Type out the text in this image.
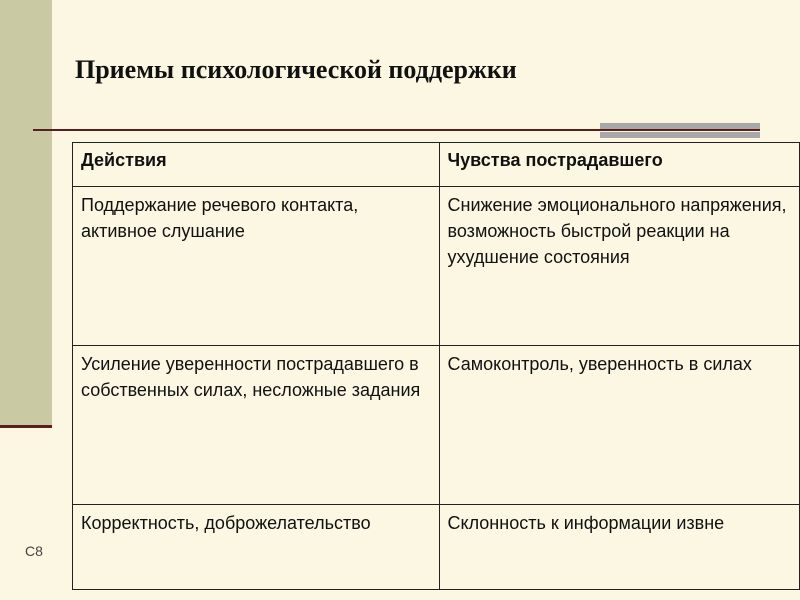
Приемы психологической поддержки
Действия	Чувства пострадавшего
Поддержание речевого контакта, активное слушание	Снижение эмоционального напряжения, возможность быстрой реакции на ухудшение состояния
Усиление уверенности пострадавшего в собственных силах, несложные задания	Самоконтроль, уверенность в силах
Корректность, доброжелательство	Склонность к информации извне
C8
